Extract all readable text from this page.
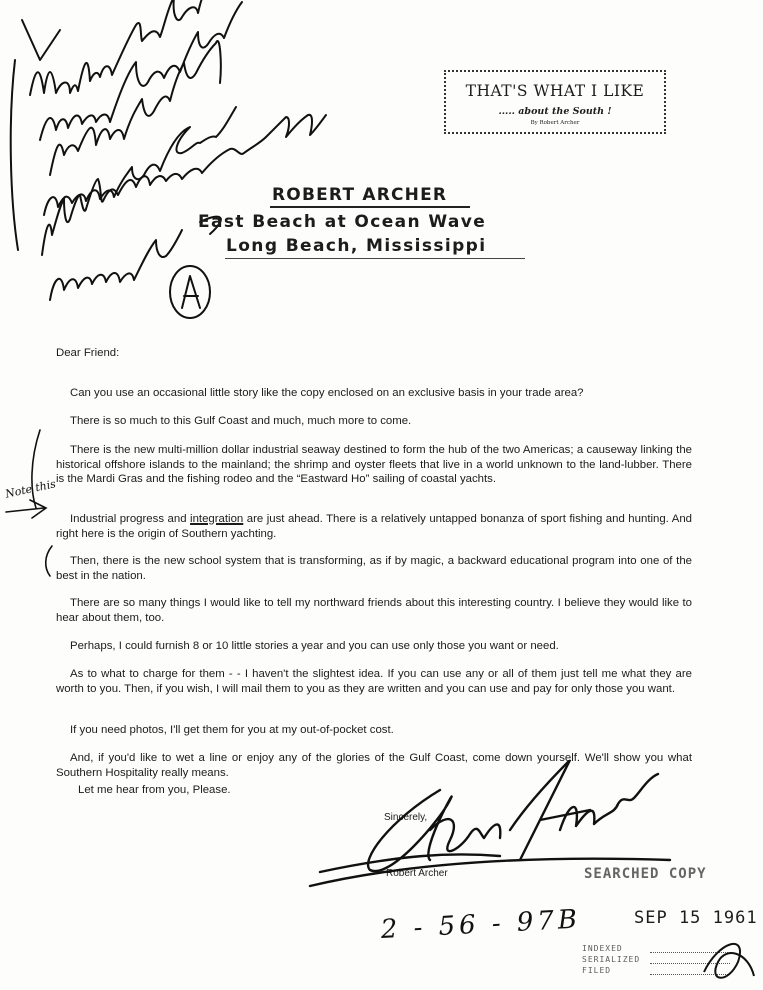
THAT'S WHAT I LIKE
..... about the South !
By Robert Archer
ROBERT ARCHER
East Beach at Ocean Wave
Long Beach, Mississippi
Dear Friend:

Can you use an occasional little story like the copy enclosed on an exclusive basis in your trade area?

There is so much to this Gulf Coast and much, much more to come.

There is the new multi-million dollar industrial seaway destined to form the hub of the two Americas; a causeway linking the historical offshore islands to the mainland; the shrimp and oyster fleets that live in a world unknown to the land-lubber. There is the Mardi Gras and the fishing rodeo and the “Eastward Ho” sailing of coastal yachts.

Industrial progress and integration are just ahead. There is a relatively untapped bonanza of sport fishing and hunting. And right here is the origin of Southern yachting.

Then, there is the new school system that is transforming, as if by magic, a backward educational program into one of the best in the nation.

There are so many things I would like to tell my northward friends about this interesting country. I believe they would like to hear about them, too.

Perhaps, I could furnish 8 or 10 little stories a year and you can use only those you want or need.

As to what to charge for them - - I haven't the slightest idea. If you can use any or all of them just tell me what they are worth to you. Then, if you wish, I will mail them to you as they are written and you can use and pay for only those you want.

If you need photos, I'll get them for you at my out-of-pocket cost.

And, if you'd like to wet a line or enjoy any of the glories of the Gulf Coast, come down yourself. We'll show you what Southern Hospitality really means.

Let me hear from you, Please.
Sincerely,
Robert Archer
Note this
2 - 56 - 97B
SEARCHED COPY
SEP 15 1961
INDEXED
SERIALIZED
FILED
